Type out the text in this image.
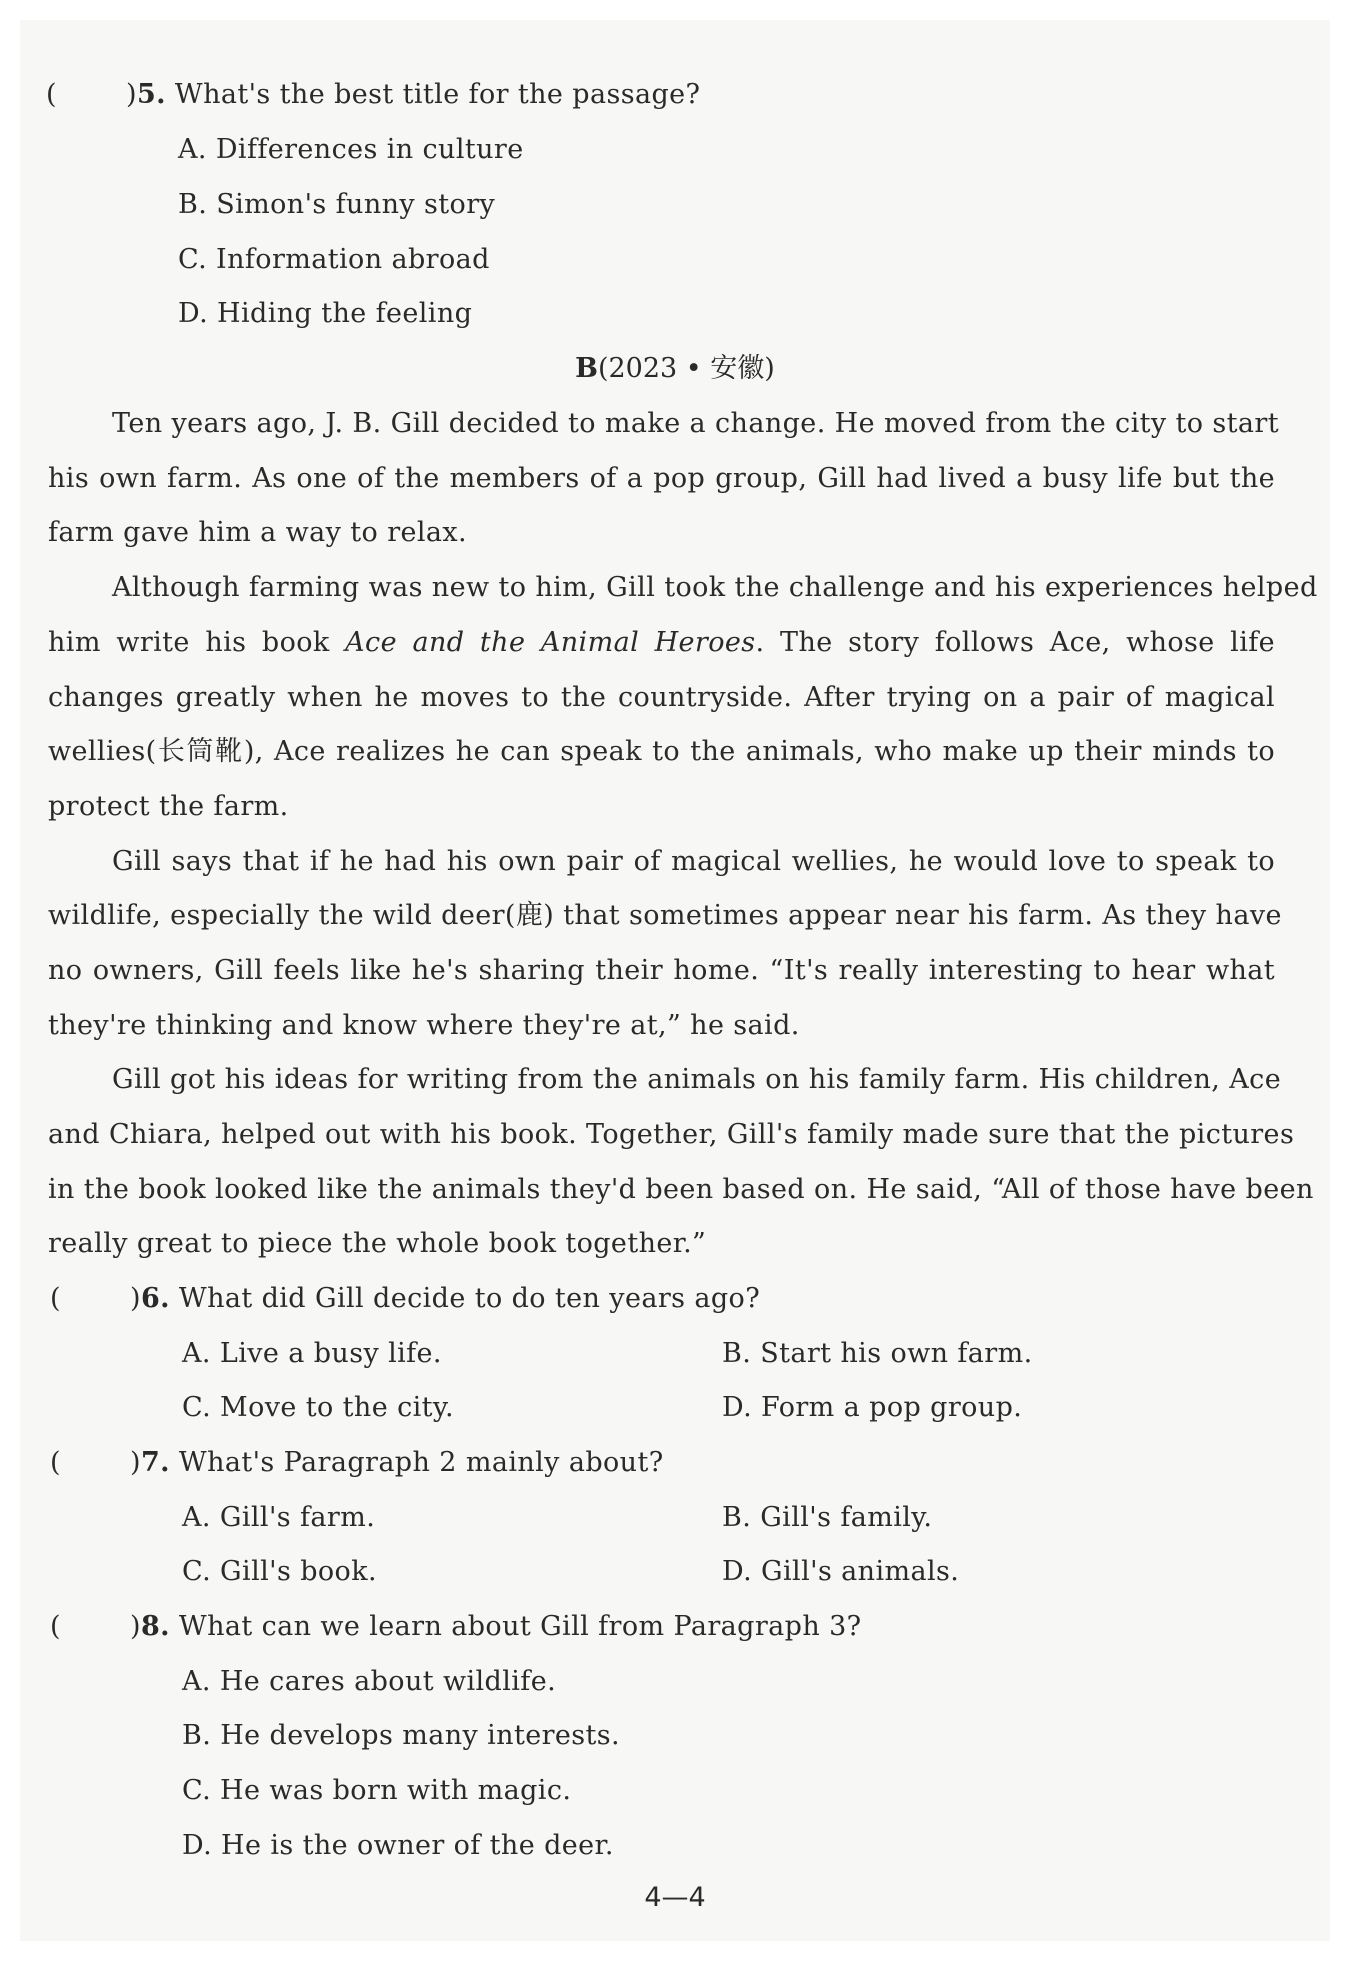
(	)5. What's the best title for the passage?
A. Differences in culture
B. Simon's funny story
C. Information abroad
D. Hiding the feeling
B(2023 • 安徽)
Ten years ago, J. B. Gill decided to make a change. He moved from the city to start
his own farm. As one of the members of a pop group, Gill had lived a busy life but the
farm gave him a way to relax.
Although farming was new to him, Gill took the challenge and his experiences helped
him write his book Ace and the Animal Heroes. The story follows Ace, whose life
changes greatly when he moves to the countryside. After trying on a pair of magical
wellies(长筒靴), Ace realizes he can speak to the animals, who make up their minds to
protect the farm.
Gill says that if he had his own pair of magical wellies, he would love to speak to
wildlife, especially the wild deer(鹿) that sometimes appear near his farm. As they have
no owners, Gill feels like he's sharing their home. “It's really interesting to hear what
they're thinking and know where they're at,” he said.
Gill got his ideas for writing from the animals on his family farm. His children, Ace
and Chiara, helped out with his book. Together, Gill's family made sure that the pictures
in the book looked like the animals they'd been based on. He said, “All of those have been
really great to piece the whole book together.”
(	)6. What did Gill decide to do ten years ago?
A. Live a busy life.	B. Start his own farm.
C. Move to the city.	D. Form a pop group.
(	)7. What's Paragraph 2 mainly about?
A. Gill's farm.	B. Gill's family.
C. Gill's book.	D. Gill's animals.
(	)8. What can we learn about Gill from Paragraph 3?
A. He cares about wildlife.
B. He develops many interests.
C. He was born with magic.
D. He is the owner of the deer.
4—4
